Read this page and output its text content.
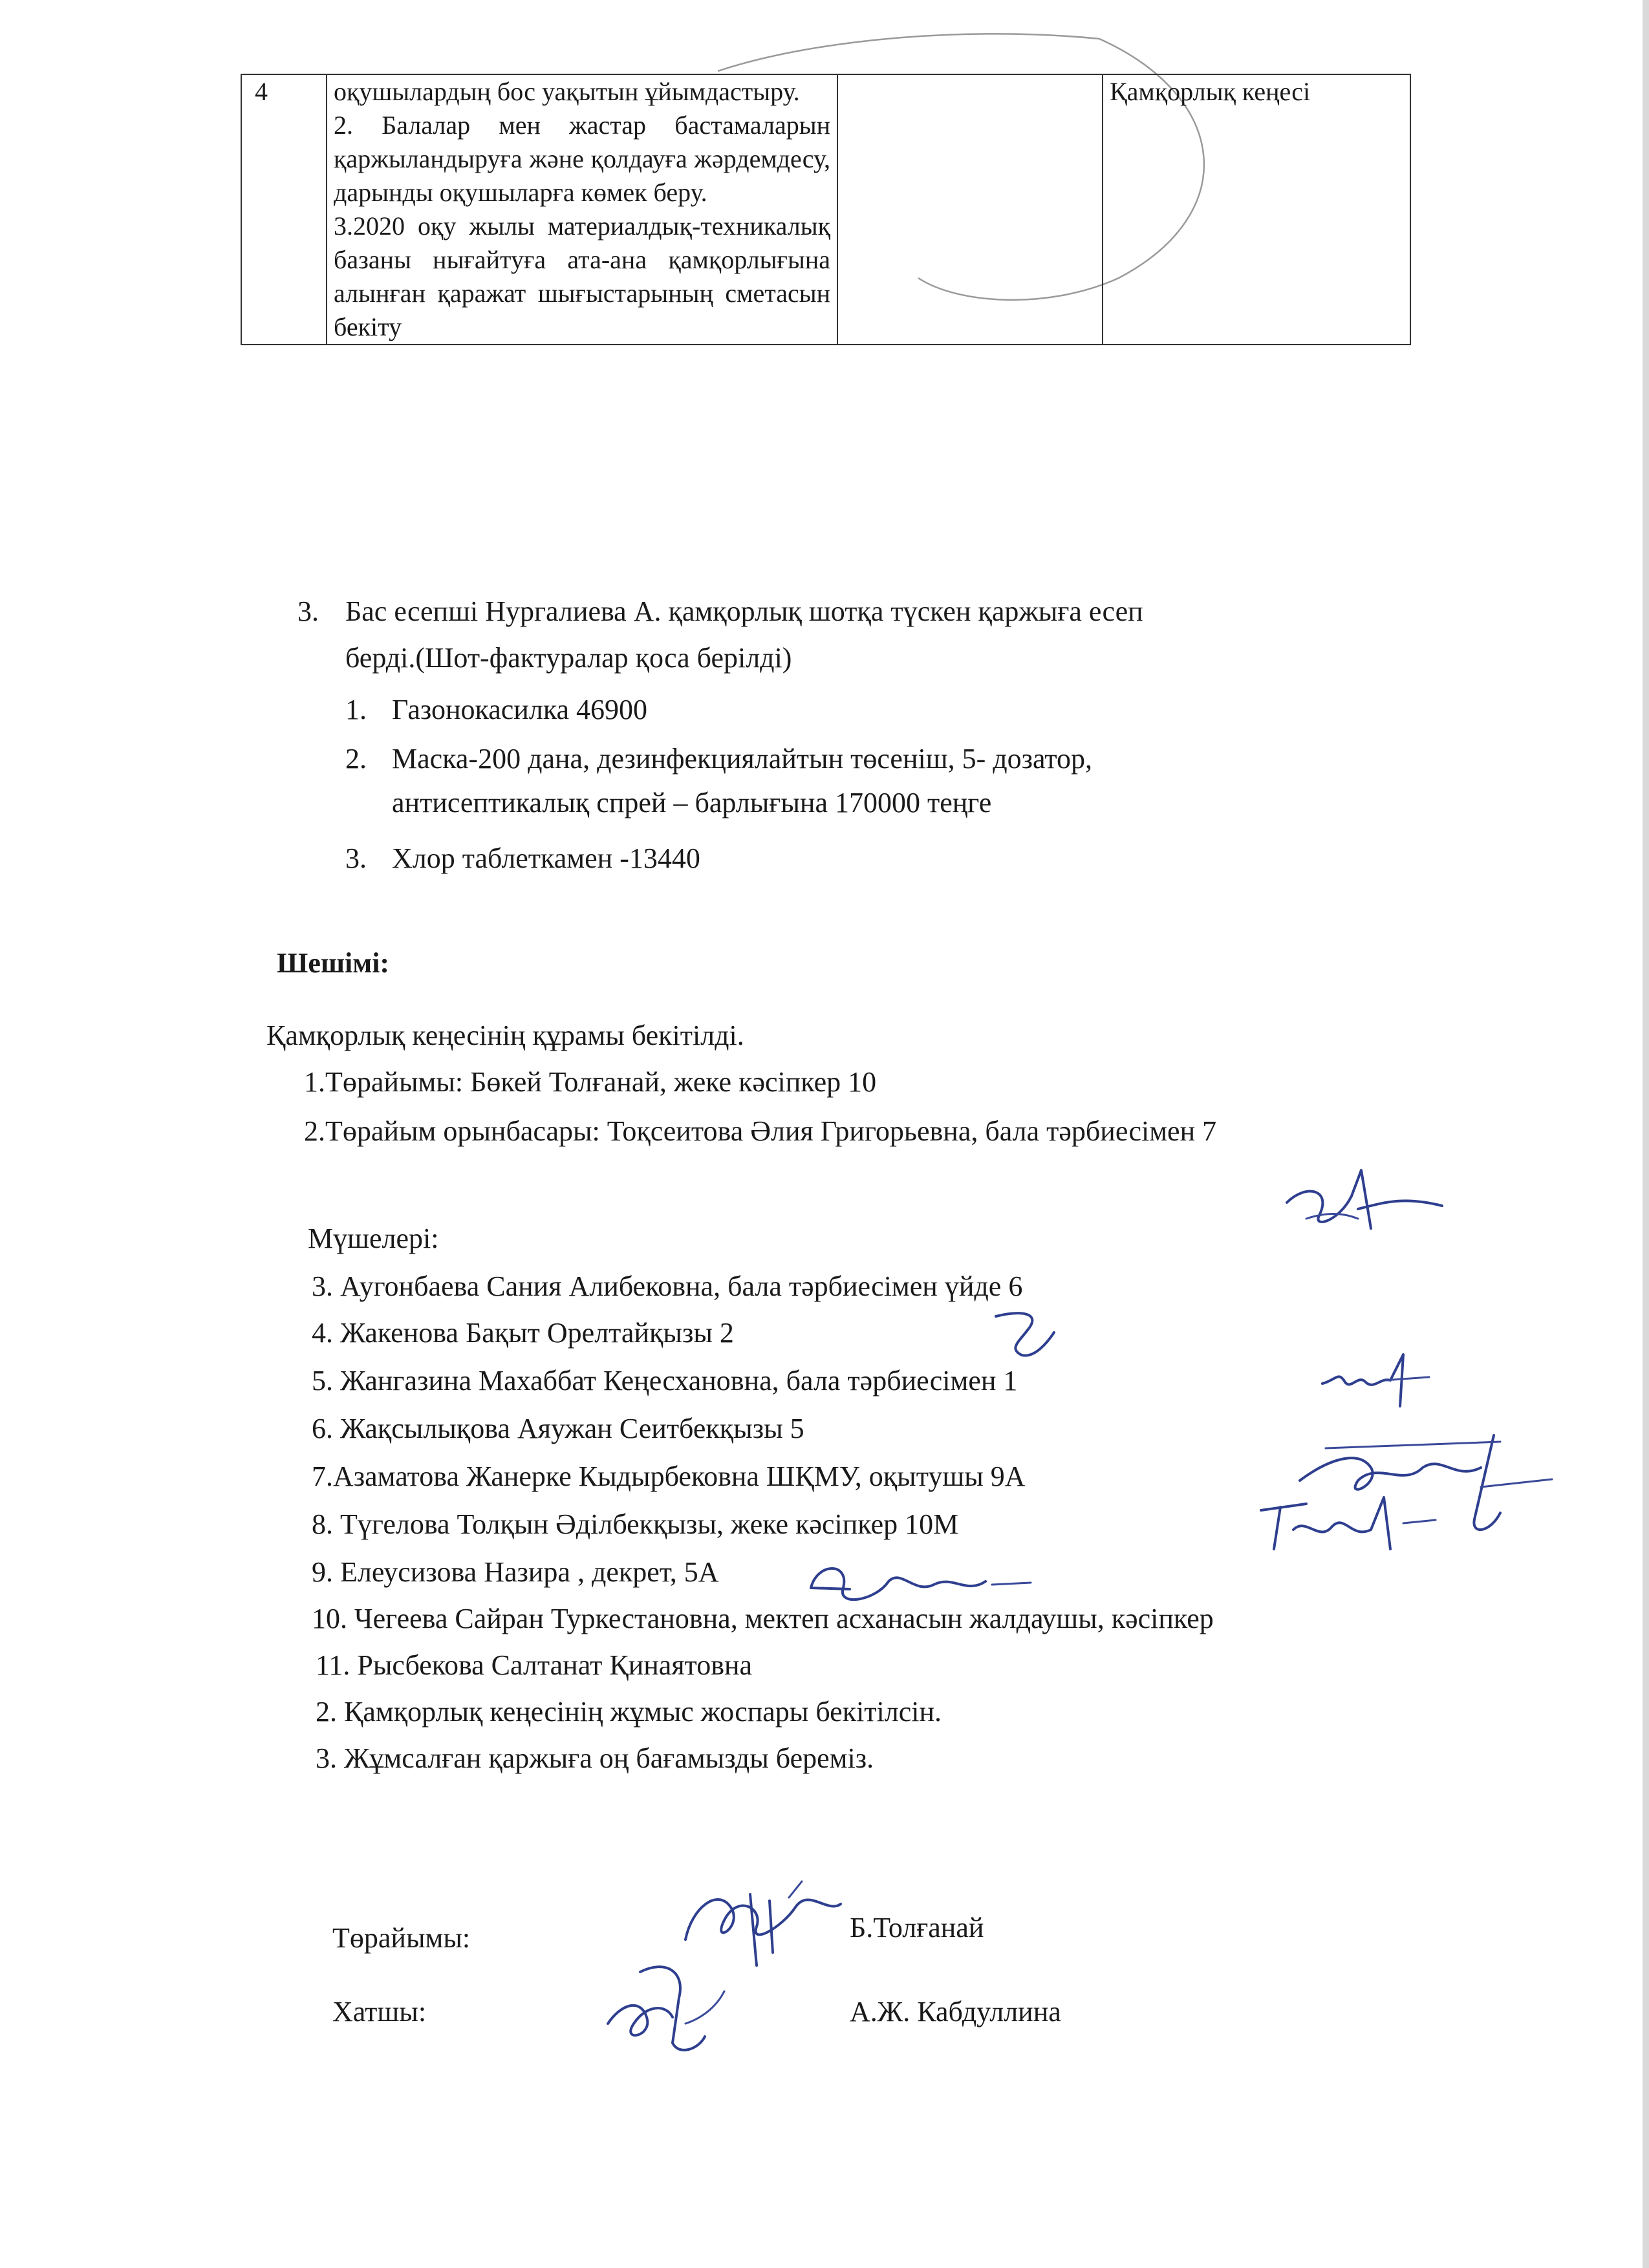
4	оқушылардың бос уақытын ұйымдастыру.

2. Балалар мен жастар бастамаларын қаржыландыруға және қолдауға жәрдемдесу, дарынды оқушыларға көмек беру.

3.2020 оқу жылы материалдық-техникалық базаны нығайтуға ата-ана қамқорлығына алынған қаражат шығыстарының сметасын бекіту

		Қамқорлық кеңесі
3. Бас есепші Нургалиева А. қамқорлық шотқа түскен қаржыға есеп
берді.(Шот-фактуралар қоса берілді)
1. Газонокасилка 46900
2. Маска-200 дана, дезинфекциялайтын төсеніш, 5- дозатор,
антисептикалық спрей – барлығына 170000 теңге
3. Хлор таблеткамен -13440
Шешімі:
Қамқорлық кеңесінің құрамы бекітілді.
1.Төрайымы: Бөкей Толғанай, жеке кәсіпкер 10
2.Төрайым орынбасары: Тоқсеитова Әлия Григорьевна, бала тәрбиесімен 7
Мүшелері:
3. Аугонбаева Сания Алибековна, бала тәрбиесімен үйде 6
4. Жакенова Бақыт Орелтайқызы 2
5. Жангазина Махаббат Кеңесхановна, бала тәрбиесімен 1
6. Жақсылықова Аяужан Сеитбекқызы 5
7.Азаматова Жанерке Кыдырбековна ШҚМУ, оқытушы 9А
8. Түгелова Толқын Әділбекқызы, жеке кәсіпкер 10М
9. Елеусизова Назира , декрет, 5А
10. Чегеева Сайран Туркестановна, мектеп асханасын жалдаушы, кәсіпкер
11. Рысбекова Салтанат Қинаятовна
2. Қамқорлық кеңесінің жұмыс жоспары бекітілсін.
3. Жұмсалған қаржыға оң бағамызды береміз.
Төрайымы:	Б.Толғанай
Хатшы:	А.Ж. Кабдуллина
